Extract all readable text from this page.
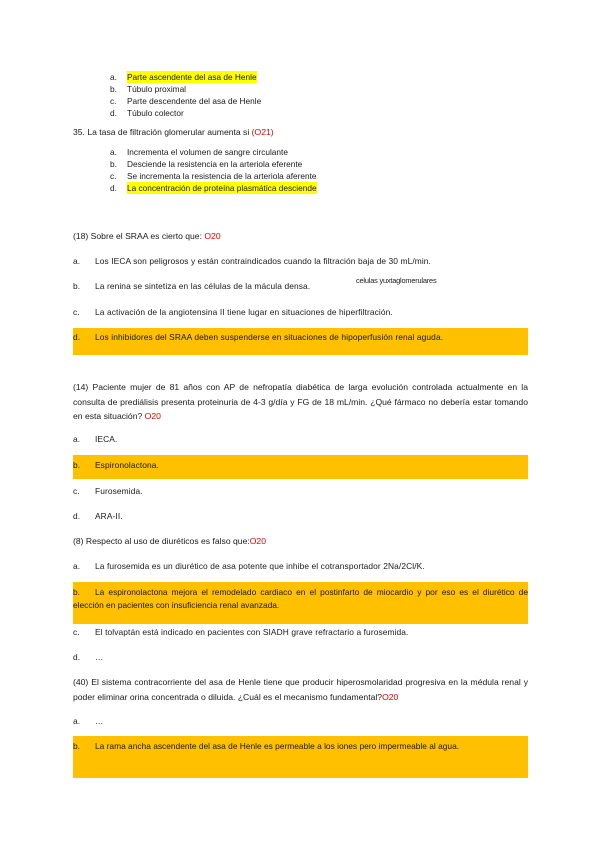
a.	Parte ascendente del asa de Henle
b.	Túbulo proximal
c.	Parte descendente del asa de Henle
d.	Túbulo colector
35. La tasa de filtración glomerular aumenta si (O21)
a.	Incrementa el volumen de sangre circulante
b.	Desciende la resistencia en la arteriola eferente
c.	Se incrementa la resistencia de la arteriola aferente
d.	La concentración de proteína plasmática desciende
(18) Sobre el SRAA es cierto que: O20
a. Los IECA son peligrosos y están contraindicados cuando la filtración baja de 30 mL/min.
b. La renina se sintetiza en las células de la mácula densa.
celulas yuxtaglomerulares
c. La activación de la angiotensina II tiene lugar en situaciones de hiperfiltración.
d. Los inhibidores del SRAA deben suspenderse en situaciones de hipoperfusión renal aguda.
(14) Paciente mujer de 81 años con AP de nefropatía diabética de larga evolución controlada actualmente en la consulta de prediálisis presenta proteinuria de 4-3 g/día y FG de 18 mL/min. ¿Qué fármaco no debería estar tomando en esta situación? O20
a. IECA.
b. Espironolactona.
c. Furosemida.
d. ARA-II.
(8) Respecto al uso de diuréticos es falso que:O20
a. La furosemida es un diurético de asa potente que inhibe el cotransportador 2Na/2Cl/K.
b. La espironolactona mejora el remodelado cardiaco en el postinfarto de miocardio y por eso es el diurético de elección en pacientes con insuficiencia renal avanzada.
c. El tolvaptán está indicado en pacientes con SIADH grave refractario a furosemida.
d. …
(40) El sistema contracorriente del asa de Henle tiene que producir hiperosmolaridad progresiva en la médula renal y poder eliminar orina concentrada o diluida. ¿Cuál es el mecanismo fundamental?O20
a. …
b. La rama ancha ascendente del asa de Henle es permeable a los iones pero impermeable al agua.
